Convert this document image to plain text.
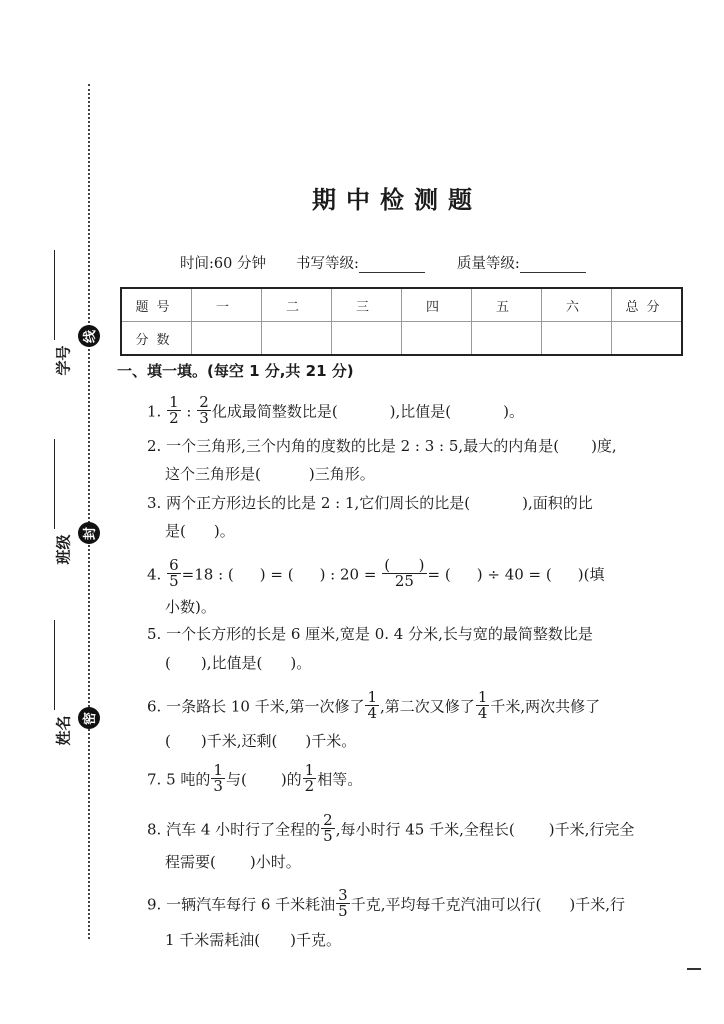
线
封
密
学号
班级
姓名
期中检测题
时间:60 分钟 书写等级:	质量等级:
题号	一	二	三	四	五	六	总分
分数							
一、填一填。(每空 1 分,共 21 分)
1. $\frac{1}{2}$ : $\frac{2}{3}$ 化成最简整数比是(	),比值是(	)。
2. 一个三角形,三个内角的度数的比是 2 : 3 : 5,最大的内角是( )度,
这个三角形是(	)三角形。
3. 两个正方形边长的比是 2 : 1,它们周长的比是(	),面积的比
是( )。
4. $\frac{6}{5} =18$ : ( ) = ( ) : $20 = \frac{( )}{25}$ = ( ) ÷ 40 = ( )(填
小数)。
5. 一个长方形的长是 6 厘米,宽是 0. 4 分米,长与宽的最简整数比是
( ),比值是( )。
6. 一条路长 10 千米,第一次修了 $\frac{1}{4}$ ,第二次又修了 $\frac{1}{4}$ 千米,两次共修了
( )千米,还剩( )千米。
7. 5 吨的 $\frac{1}{3}$ 与( )的 $\frac{1}{2}$ 相等。
8. 汽车 4 小时行了全程的 $\frac{2}{5}$ ,每小时行 45 千米,全程长( )千米,行完全
程需要( )小时。
9. 一辆汽车每行 6 千米耗油 $\frac{3}{5}$ 千克,平均每千克汽油可以行( )千米,行
1 千米需耗油( )千克。
